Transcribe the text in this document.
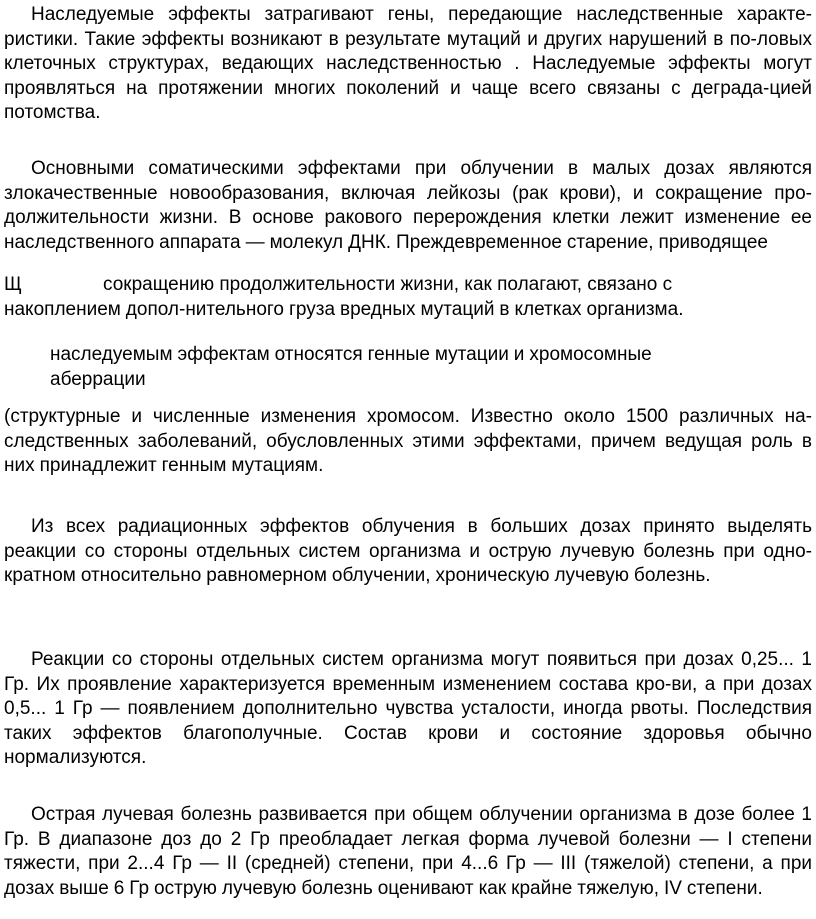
Наследуемые эффекты затрагивают гены, передающие наследственные характе-ристики. Такие эффекты возникают в результате мутаций и других нарушений в по-ловых клеточных структурах, ведающих наследственностью . Наследуемые эффекты могут проявляться на протяжении многих поколений и чаще всего связаны с деграда-цией потомства.

Основными соматическими эффектами при облучении в малых дозах являются злокачественные новообразования, включая лейкозы (рак крови), и сокращение про-должительности жизни. В основе ракового перерождения клетки лежит изменение ее наследственного аппарата — молекул ДНК. Преждевременное старение, приводящее

Щ	сокращению продолжительности жизни, как полагают, связано с

накоплением допол-нительного груза вредных мутаций в клетках организма.

наследуемым эффектам относятся генные мутации и хромосомные аберрации

(структурные и численные изменения хромосом. Известно около 1500 различных на-следственных заболеваний, обусловленных этими эффектами, причем ведущая роль в них принадлежит генным мутациям.

Из всех радиационных эффектов облучения в больших дозах принято выделять реакции со стороны отдельных систем организма и острую лучевую болезнь при одно-кратном относительно равномерном облучении, хроническую лучевую болезнь.

Реакции со стороны отдельных систем организма могут появиться при дозах 0,25... 1 Гр. Их проявление характеризуется временным изменением состава кро-ви, а при дозах 0,5... 1 Гр — появлением дополнительно чувства усталости, иногда рвоты. Последствия таких эффектов благополучные. Состав крови и состояние здоровья обычно нормализуются.

Острая лучевая болезнь развивается при общем облучении организма в дозе более 1 Гр. В диапазоне доз до 2 Гр преобладает легкая форма лучевой болезни — I степени тяжести, при 2...4 Гр — II (средней) степени, при 4...6 Гр — III (тяжелой) степени, а при дозах выше 6 Гр острую лучевую болезнь оценивают как крайне тяжелую, IV степени.
